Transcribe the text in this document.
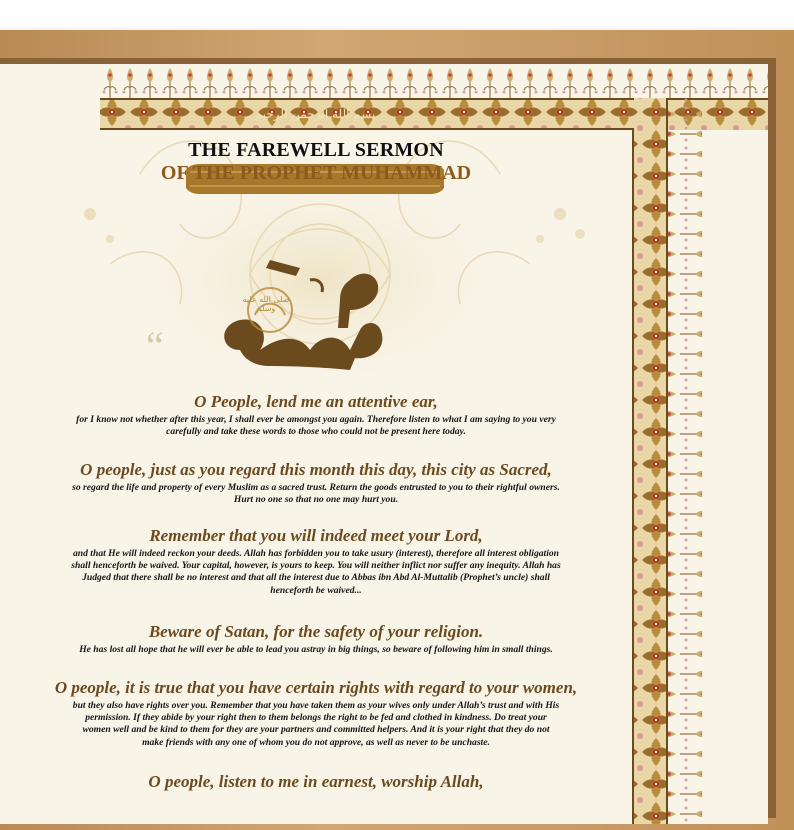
بسم الله الرحمن الرحيم
THE FAREWELL SERMON
OF THE PROPHET MUHAMMAD
صلى الله عليه وسلم
“
O People, lend me an attentive ear,

for I know not whether after this year, I shall ever be amongst you again. Therefore listen to what I am saying to you very
carefully and take these words to those who could not be present here today.

O people, just as you regard this month this day, this city as Sacred,

so regard the life and property of every Muslim as a sacred trust. Return the goods entrusted to you to their rightful owners.
Hurt no one so that no one may hurt you.

Remember that you will indeed meet your Lord,

and that He will indeed reckon your deeds. Allah has forbidden you to take usury (interest), therefore all interest obligation
shall henceforth be waived. Your capital, however, is yours to keep. You will neither inflict nor suffer any inequity. Allah has
Judged that there shall be no interest and that all the interest due to Abbas ibn Abd Al-Muttalib (Prophet’s uncle) shall
henceforth be waived...

Beware of Satan, for the safety of your religion.

He has lost all hope that he will ever be able to lead you astray in big things, so beware of following him in small things.

O people, it is true that you have certain rights with regard to your women,

but they also have rights over you. Remember that you have taken them as your wives only under Allah’s trust and with His
permission. If they abide by your right then to them belongs the right to be fed and clothed in kindness. Do treat your
women well and be kind to them for they are your partners and committed helpers. And it is your right that they do not
make friends with any one of whom you do not approve, as well as never to be unchaste.

O people, listen to me in earnest, worship Allah,
